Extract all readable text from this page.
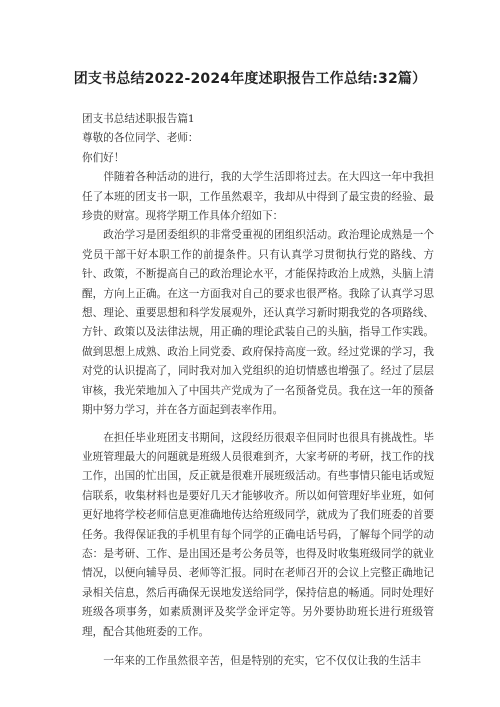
团支书总结2022-2024年度述职报告工作总结:32篇）

团支书总结述职报告篇1

尊敬的各位同学、老师：

你们好！

伴随着各种活动的进行，我的大学生活即将过去。在大四这一年中我担任了本班的团支书一职，工作虽然艰辛，我却从中得到了最宝贵的经验、最珍贵的财富。现将学期工作具体介绍如下：

政治学习是团委组织的非常受重视的团组织活动。政治理论成熟是一个党员干部干好本职工作的前提条件。只有认真学习贯彻执行党的路线、方针、政策，不断提高自己的政治理论水平，才能保持政治上成熟，头脑上清醒，方向上正确。在这一方面我对自己的要求也很严格。我除了认真学习思想、理论、重要思想和科学发展观外，还认真学习新时期我党的各项路线、方针、政策以及法律法规，用正确的理论武装自己的头脑，指导工作实践。做到思想上成熟、政治上同党委、政府保持高度一致。经过党课的学习，我对党的认识提高了，同时我对加入党组织的迫切情感也增强了。经过了层层审核，我光荣地加入了中国共产党成为了一名预备党员。我在这一年的预备期中努力学习，并在各方面起到表率作用。

在担任毕业班团支书期间，这段经历很艰辛但同时也很具有挑战性。毕业班管理最大的问题就是班级人员很难到齐，大家考研的考研，找工作的找工作，出国的忙出国，反正就是很难开展班级活动。有些事情只能电话或短信联系，收集材料也是要好几天才能够收齐。所以如何管理好毕业班，如何更好地将学校老师信息更准确地传达给班级同学，就成为了我们班委的首要任务。我得保证我的手机里有每个同学的正确电话号码，了解每个同学的动态：是考研、工作、是出国还是考公务员等，也得及时收集班级同学的就业情况，以便向辅导员、老师等汇报。同时在老师召开的会议上完整正确地记录相关信息，然后再确保无误地发送给同学，保持信息的畅通。同时处理好班级各项事务，如素质测评及奖学金评定等。另外要协助班长进行班级管理，配合其他班委的工作。

一年来的工作虽然很辛苦，但是特别的充实，它不仅仅让我的生活丰
